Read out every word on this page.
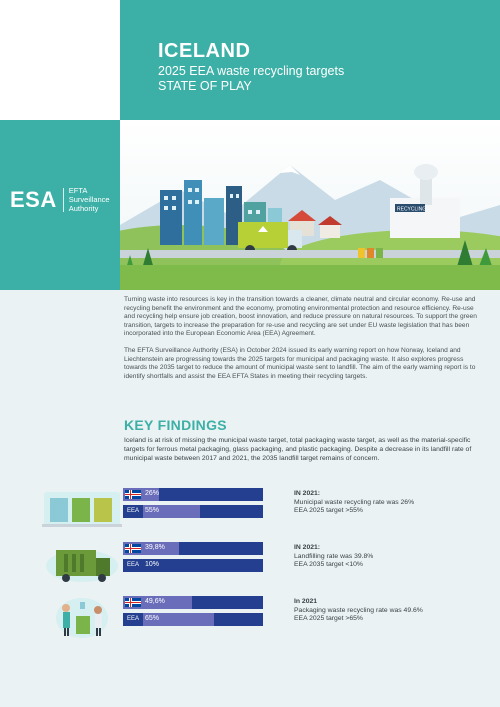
ICELAND
2025 EEA waste recycling targets
STATE OF PLAY
ESA	EFTA
Surveillance
Authority	RECYCLING

Turning waste into resources is key in the transition towards a cleaner, climate neutral and circular economy. Re-use and recycling benefit the environment and the economy, promoting environmental protection and resource efficiency. Re-use and recycling help ensure job creation, boost innovation, and reduce pressure on natural resources. To support the green transition, targets to increase the preparation for re-use and recycling are set under EU waste legislation that has been incorporated into the European Economic Area (EEA) Agreement.

The EFTA Surveillance Authority (ESA) in October 2024 issued its early warning report on how Norway, Iceland and Liechtenstein are progressing towards the 2025 targets for municipal and packaging waste. It also explores progress towards the 2035 target to reduce the amount of municipal waste sent to landfill. The aim of the early warning report is to identify shortfalls and assist the EEA EFTA States in meeting their recycling targets.

KEY FINDINGS
Iceland is at risk of missing the municipal waste target, total packaging waste target, as well as the material-specific targets for ferrous metal packaging, glass packaging, and plastic packaging. Despite a decrease in its landfill rate of municipal waste between 2017 and 2021, the 2035 landfill target remains of concern.
26%
EEA 55%
IN 2021:
Municipal waste recycling rate was 26%
EEA 2025 target >55%
39,8%
EEA 10%
IN 2021:
Landfilling rate was 39.8%
EEA 2035 target <10%
49,6%
EEA 65%
In 2021
Packaging waste recycling rate was 49.6%
EEA 2025 target >65%
